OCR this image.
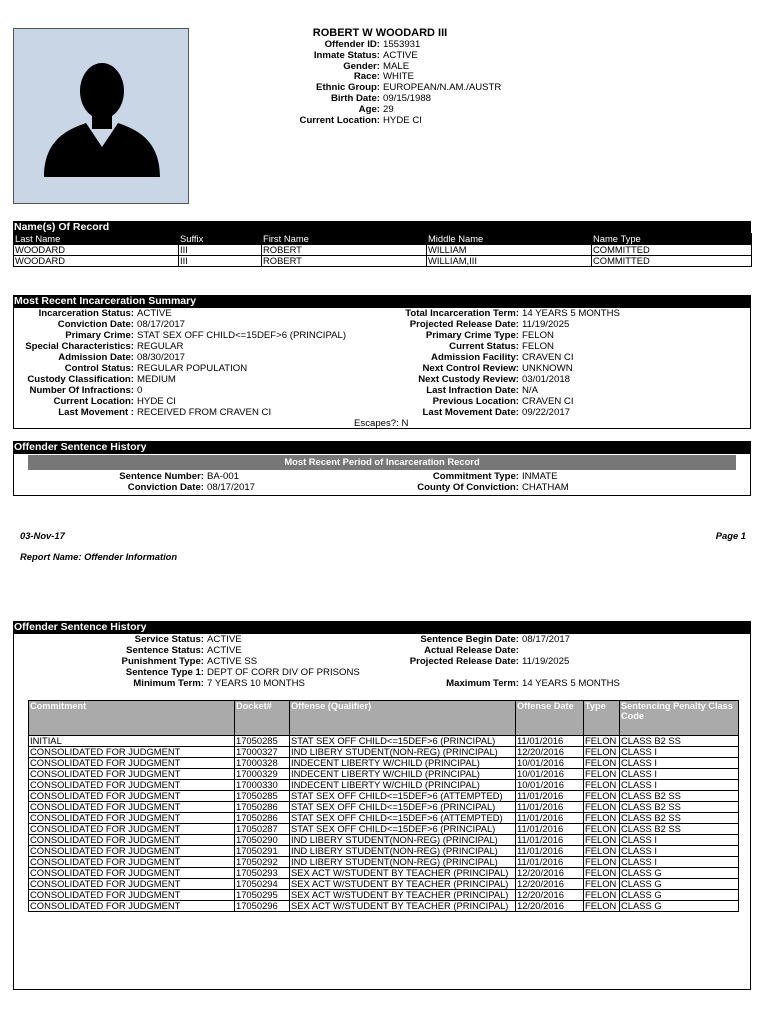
ROBERT W WOODARD III
Offender ID: 1553931
Inmate Status: ACTIVE
Gender: MALE
Race: WHITE
Ethnic Group: EUROPEAN/N.AM./AUSTR
Birth Date: 09/15/1988
Age: 29
Current Location: HYDE CI
Name(s) Of Record
Last Name	Suffix	First Name	Middle Name	Name Type
WOODARD	III	ROBERT	WILLIAM	COMMITTED
WOODARD	III	ROBERT	WILLIAM,III	COMMITTED
Most Recent Incarceration Summary
Incarceration Status: ACTIVE
Conviction Date: 08/17/2017
Primary Crime: STAT SEX OFF CHILD<=15DEF>6 (PRINCIPAL)
Special Characteristics: REGULAR
Admission Date: 08/30/2017
Control Status: REGULAR POPULATION
Custody Classification: MEDIUM
Number Of Infractions: 0
Current Location: HYDE CI
Last Movement : RECEIVED FROM CRAVEN CI
Total Incarceration Term: 14 YEARS 5 MONTHS
Projected Release Date: 11/19/2025
Primary Crime Type: FELON
Current Status: FELON
Admission Facility: CRAVEN CI
Next Control Review: UNKNOWN
Next Custody Review: 03/01/2018
Last Infraction Date: N/A
Previous Location: CRAVEN CI
Last Movement Date: 09/22/2017
Escapes?: N
Offender Sentence History
Most Recent Period of Incarceration Record
Sentence Number: BA-001
Conviction Date: 08/17/2017
Commitment Type: INMATE
County Of Conviction: CHATHAM
03-Nov-17	Page 1
Report Name: Offender Information
Offender Sentence History
Service Status: ACTIVE
Sentence Status: ACTIVE
Punishment Type: ACTIVE SS
Sentence Type 1: DEPT OF CORR DIV OF PRISONS
Minimum Term: 7 YEARS 10 MONTHS
Sentence Begin Date: 08/17/2017
Actual Release Date:
Projected Release Date: 11/19/2025
Maximum Term: 14 YEARS 5 MONTHS
Commitment	Docket#	Offense (Qualifier)	Offense Date	Type	Sentencing Penalty Class Code
INITIAL	17050285	STAT SEX OFF CHILD<=15DEF>6 (PRINCIPAL)	11/01/2016	FELON	CLASS B2 SS
CONSOLIDATED FOR JUDGMENT	17000327	IND LIBERY STUDENT(NON-REG) (PRINCIPAL)	12/20/2016	FELON	CLASS I
CONSOLIDATED FOR JUDGMENT	17000328	INDECENT LIBERTY W/CHILD (PRINCIPAL)	10/01/2016	FELON	CLASS I
CONSOLIDATED FOR JUDGMENT	17000329	INDECENT LIBERTY W/CHILD (PRINCIPAL)	10/01/2016	FELON	CLASS I
CONSOLIDATED FOR JUDGMENT	17000330	INDECENT LIBERTY W/CHILD (PRINCIPAL)	10/01/2016	FELON	CLASS I
CONSOLIDATED FOR JUDGMENT	17050285	STAT SEX OFF CHILD<=15DEF>6 (ATTEMPTED)	11/01/2016	FELON	CLASS B2 SS
CONSOLIDATED FOR JUDGMENT	17050286	STAT SEX OFF CHILD<=15DEF>6 (PRINCIPAL)	11/01/2016	FELON	CLASS B2 SS
CONSOLIDATED FOR JUDGMENT	17050286	STAT SEX OFF CHILD<=15DEF>6 (ATTEMPTED)	11/01/2016	FELON	CLASS B2 SS
CONSOLIDATED FOR JUDGMENT	17050287	STAT SEX OFF CHILD<=15DEF>6 (PRINCIPAL)	11/01/2016	FELON	CLASS B2 SS
CONSOLIDATED FOR JUDGMENT	17050290	IND LIBERY STUDENT(NON-REG) (PRINCIPAL)	11/01/2016	FELON	CLASS I
CONSOLIDATED FOR JUDGMENT	17050291	IND LIBERY STUDENT(NON-REG) (PRINCIPAL)	11/01/2016	FELON	CLASS I
CONSOLIDATED FOR JUDGMENT	17050292	IND LIBERY STUDENT(NON-REG) (PRINCIPAL)	11/01/2016	FELON	CLASS I
CONSOLIDATED FOR JUDGMENT	17050293	SEX ACT W/STUDENT BY TEACHER (PRINCIPAL)	12/20/2016	FELON	CLASS G
CONSOLIDATED FOR JUDGMENT	17050294	SEX ACT W/STUDENT BY TEACHER (PRINCIPAL)	12/20/2016	FELON	CLASS G
CONSOLIDATED FOR JUDGMENT	17050295	SEX ACT W/STUDENT BY TEACHER (PRINCIPAL)	12/20/2016	FELON	CLASS G
CONSOLIDATED FOR JUDGMENT	17050296	SEX ACT W/STUDENT BY TEACHER (PRINCIPAL)	12/20/2016	FELON	CLASS G
